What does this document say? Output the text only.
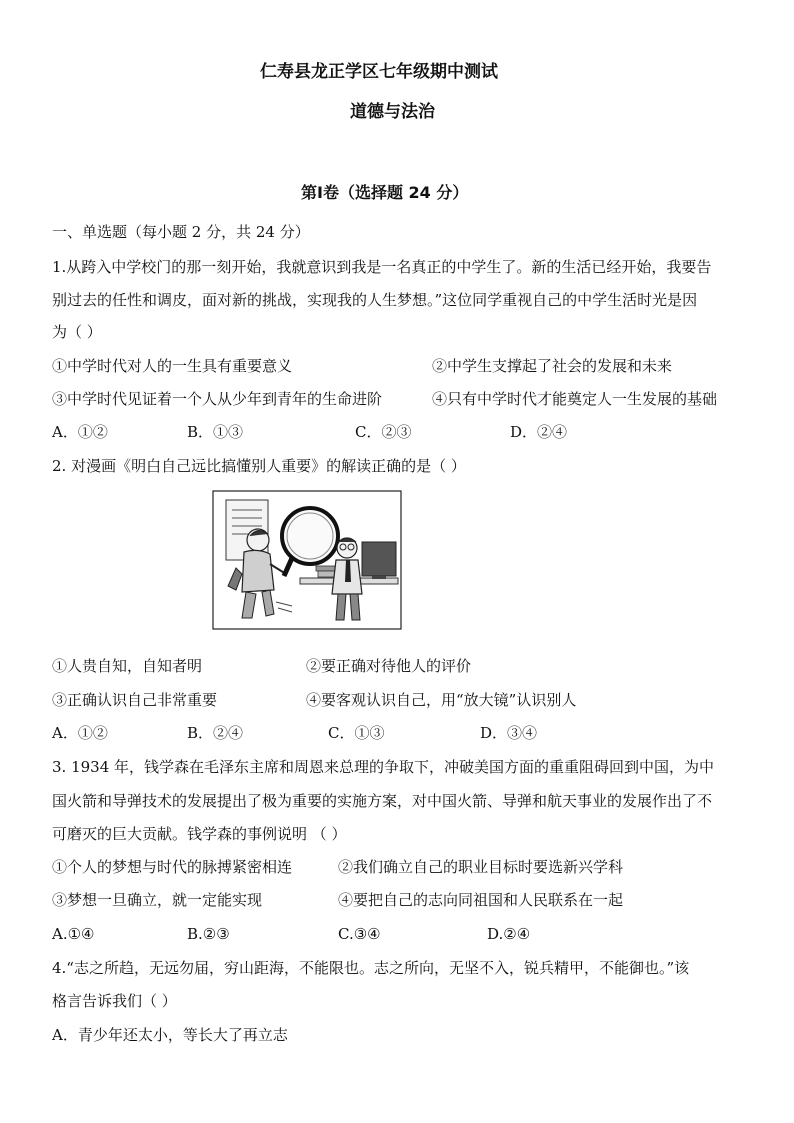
仁寿县龙正学区七年级期中测试
道德与法治
第Ⅰ卷（选择题 24 分）
一、单选题（每小题 2 分，共 24 分）
1.从跨入中学校门的那一刻开始，我就意识到我是一名真正的中学生了。新的生活已经开始，我要告
别过去的任性和调皮，面对新的挑战，实现我的人生梦想。”这位同学重视自己的中学生活时光是因
为（ ）
①中学时代对人的一生具有重要意义	②中学生支撑起了社会的发展和未来
③中学时代见证着一个人从少年到青年的生命进阶	④只有中学时代才能奠定人一生发展的基础
A．①②	B．①③	C．②③	D．②④
2. 对漫画《明白自己远比搞懂别人重要》的解读正确的是（ ）
①人贵自知，自知者明	②要正确对待他人的评价
③正确认识自己非常重要	④要客观认识自己，用“放大镜”认识别人
A．①②	B．②④	C．①③	D．③④
3. 1934 年，钱学森在毛泽东主席和周恩来总理的争取下，冲破美国方面的重重阻碍回到中国，为中
国火箭和导弹技术的发展提出了极为重要的实施方案，对中国火箭、导弹和航天事业的发展作出了不
可磨灭的巨大贡献。钱学森的事例说明 （ ）
①个人的梦想与时代的脉搏紧密相连	②我们确立自己的职业目标时要选新兴学科
③梦想一旦确立，就一定能实现	④要把自己的志向同祖国和人民联系在一起
A.①④	B.②③	C.③④	D.②④
4.“志之所趋，无远勿届，穷山距海，不能限也。志之所向，无坚不入，锐兵精甲，不能御也。”该
格言告诉我们（ ）
A．青少年还太小，等长大了再立志
